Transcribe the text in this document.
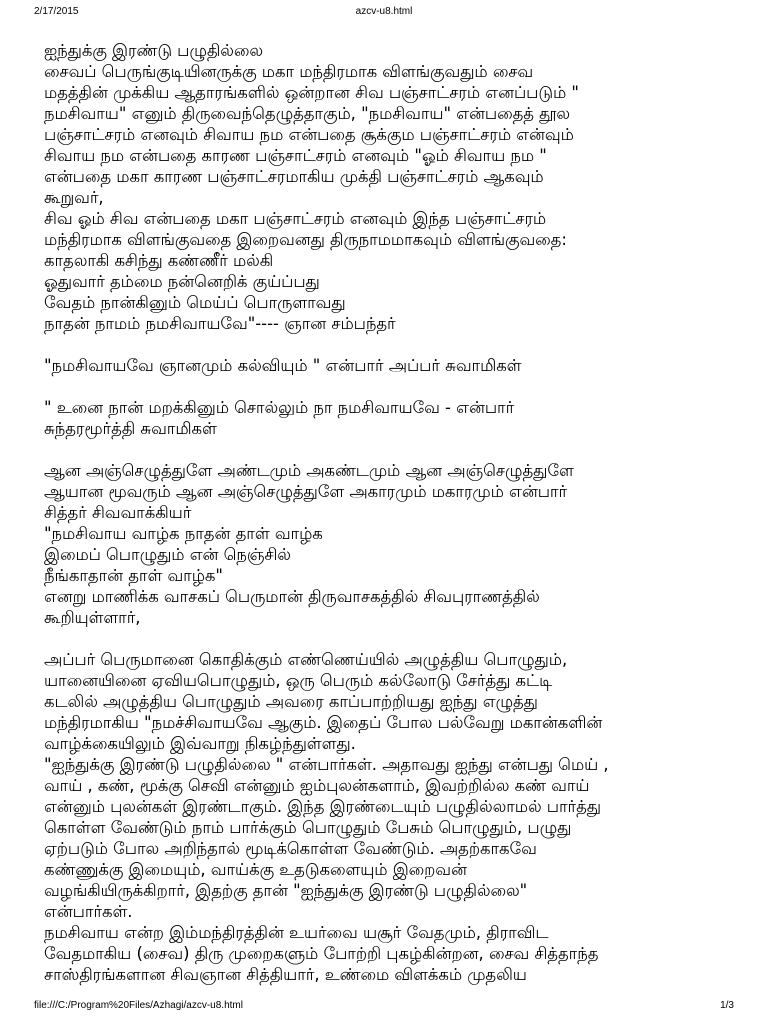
2/17/2015	azcv-u8.html
ஐந்துக்கு இரண்டு பழுதில்லை
சைவப் பெருங்குடியினருக்கு மகா மந்திரமாக விளங்குவதும் சைவ
மதத்தின் முக்கிய ஆதாரங்களில் ஒன்றான சிவ பஞ்சாட்சரம் எனப்படும் "
நமசிவாய" எனும் திருவைந்தெழுத்தாகும், "நமசிவாய" என்பதைத் தூல
பஞ்சாட்சரம் எனவும் சிவாய நம என்பதை சூக்கும பஞ்சாட்சரம் என்வும்
சிவாய நம என்பதை காரண பஞ்சாட்சரம் எனவும் "ஓம் சிவாய நம "
என்பதை மகா காரண பஞ்சாட்சரமாகிய முக்தி பஞ்சாட்சரம் ஆகவும்
கூறுவர்,
சிவ ஓம் சிவ என்பதை மகா பஞ்சாட்சரம் எனவும் இந்த பஞ்சாட்சரம்
மந்திரமாக விளங்குவதை இறைவனது திருநாமமாகவும் விளங்குவதை:
காதலாகி கசிந்து கண்ணீர் மல்கி
ஓதுவார் தம்மை நன்னெறிக் குய்ப்பது
வேதம் நான்கினும் மெய்ப் பொருளாவது
நாதன் நாமம் நமசிவாயவே"---- ஞான சம்பந்தர்
"நமசிவாயவே ஞானமும் கல்வியும் " என்பார் அப்பர் சுவாமிகள்
" உனை நான் மறக்கினும் சொல்லும் நா நமசிவாயவே - என்பார்
சுந்தரமூர்த்தி சுவாமிகள்
ஆன அஞ்செழுத்துளே அண்டமும் அகண்டமும் ஆன அஞ்செழுத்துளே
ஆயான மூவரும் ஆன அஞ்செழுத்துளே அகாரமும் மகாரமும் என்பார்
சித்தர் சிவவாக்கியர்
"நமசிவாய வாழ்க நாதன் தாள் வாழ்க
இமைப் பொழுதும் என் நெஞ்சில்
நீங்காதான் தாள் வாழ்க"
எனறு மாணிக்க வாசகப் பெருமான் திருவாசகத்தில் சிவபுராணத்தில்
கூறியுள்ளார்,
அப்பர் பெருமானை கொதிக்கும் எண்ணெய்யில் அழுத்திய பொழுதும்,
யானையினை ஏவியபொழுதும், ஒரு பெரும் கல்லோடு சேர்த்து கட்டி
கடலில் அழுத்திய பொழுதும் அவரை காப்பாற்றியது ஐந்து எழுத்து
மந்திரமாகிய "நமச்சிவாயவே ஆகும். இதைப் போல பல்வேறு மகான்களின்
வாழ்க்கையிலும் இவ்வாறு நிகழ்ந்துள்ளது.
"ஐந்துக்கு இரண்டு பழுதில்லை " என்பார்கள். அதாவது ஐந்து என்பது மெய் ,
வாய் , கண், மூக்கு செவி என்னும் ஐம்புலன்களாம், இவற்றில்ல கண் வாய்
என்னும் புலன்கள் இரண்டாகும். இந்த இரண்டையும் பழுதில்லாமல் பார்த்து
கொள்ள வேண்டும் நாம் பார்க்கும் பொழுதும் பேசும் பொழுதும், பழுது
ஏற்படும் போல அறிந்தால் மூடிக்கொள்ள வேண்டும். அதற்காகவே
கண்ணுக்கு இமையும், வாய்க்கு உதடுகளையும் இறைவன்
வழங்கியிருக்கிறார், இதற்கு தான் "ஐந்துக்கு இரண்டு பழுதில்லை"
என்பார்கள்.
நமசிவாய என்ற இம்மந்திரத்தின் உயர்வை யசூர் வேதமும், திராவிட
வேதமாகிய (சைவ) திரு முறைகளும் போற்றி புகழ்கின்றன, சைவ சித்தாந்த
சாஸ்திரங்களான சிவஞான சித்தியார், உண்மை விளக்கம் முதலிய
file:///C:/Program%20Files/Azhagi/azcv-u8.html	1/3
